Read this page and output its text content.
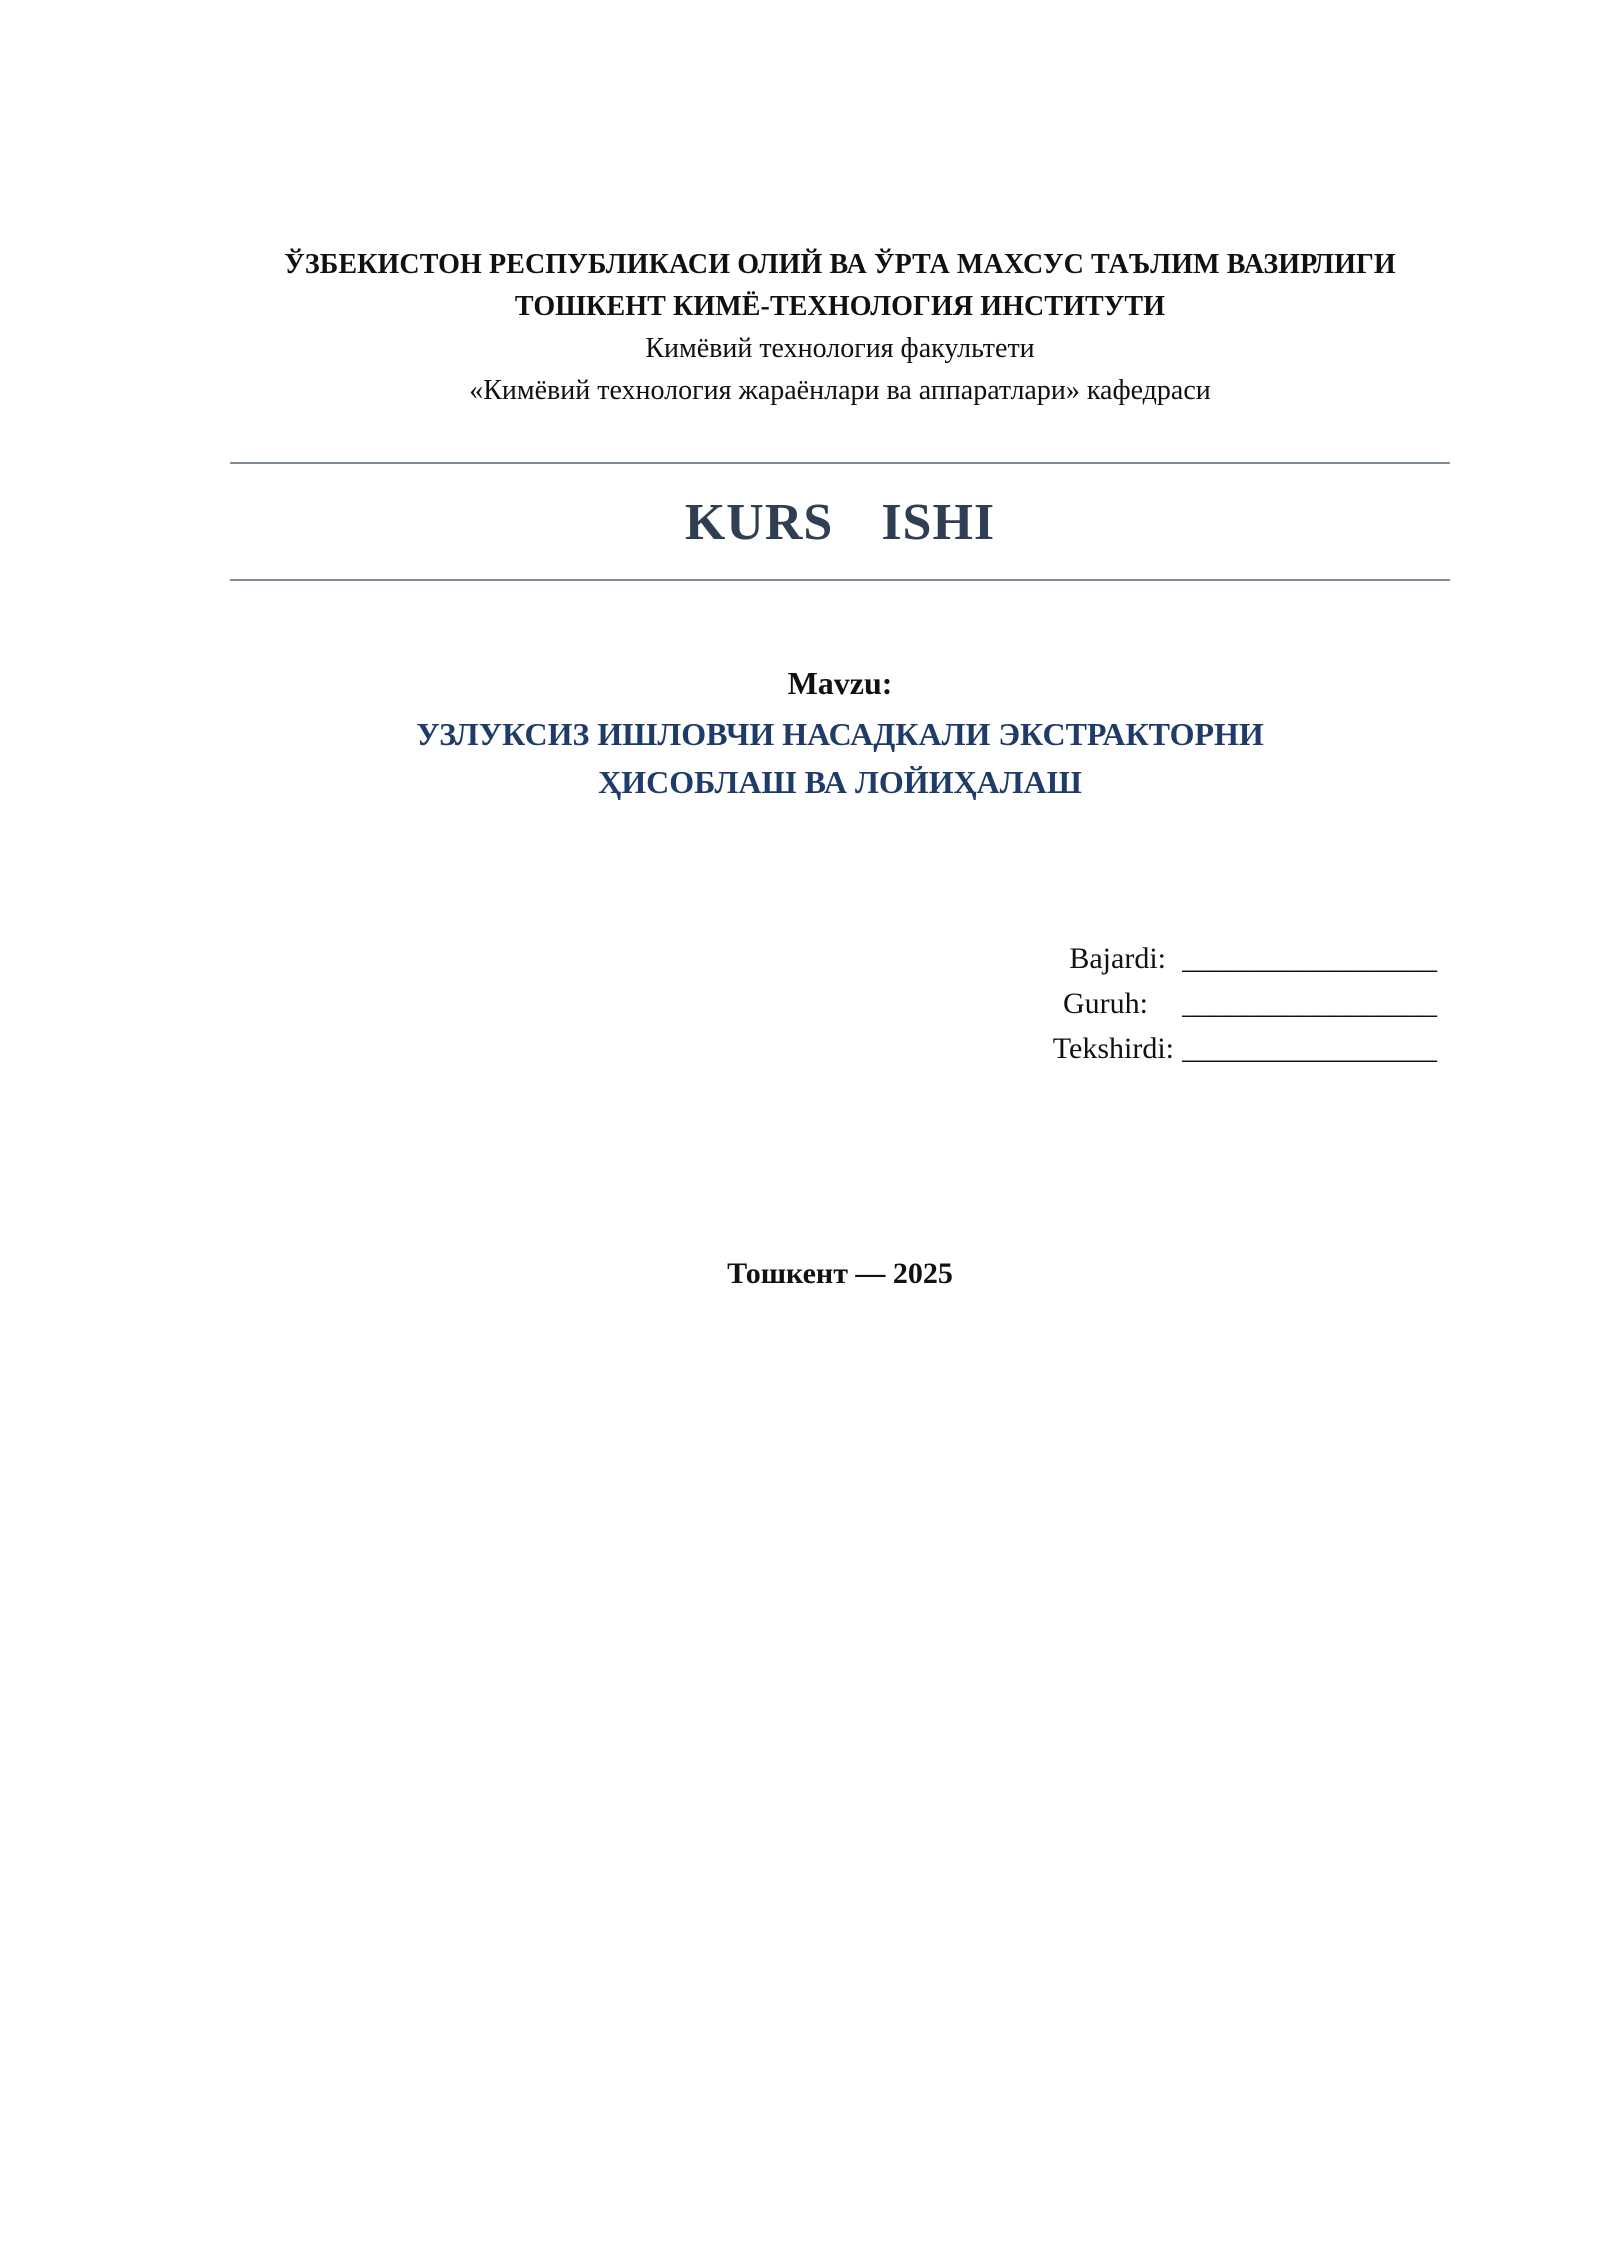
ЎЗБЕКИСТОН РЕСПУБЛИКАСИ ОЛИЙ ВА ЎРТА МАХСУС ТАЪЛИМ ВАЗИРЛИГИ
ТОШКЕНТ КИМЁ-ТЕХНОЛОГИЯ ИНСТИТУТИ
Кимёвий технология факультети
«Кимёвий технология жараёнлари ва аппаратлари» кафедраси
KURS  ISHI
Mavzu:
УЗЛУКСИЗ ИШЛОВЧИ НАСАДКАЛИ ЭКСТРАКТОРНИ
ҲИСОБЛАШ ВА ЛОЙИҲАЛАШ
Bajardi: _________________
Guruh:	_________________
Tekshirdi: _________________
Тошкент — 2025
